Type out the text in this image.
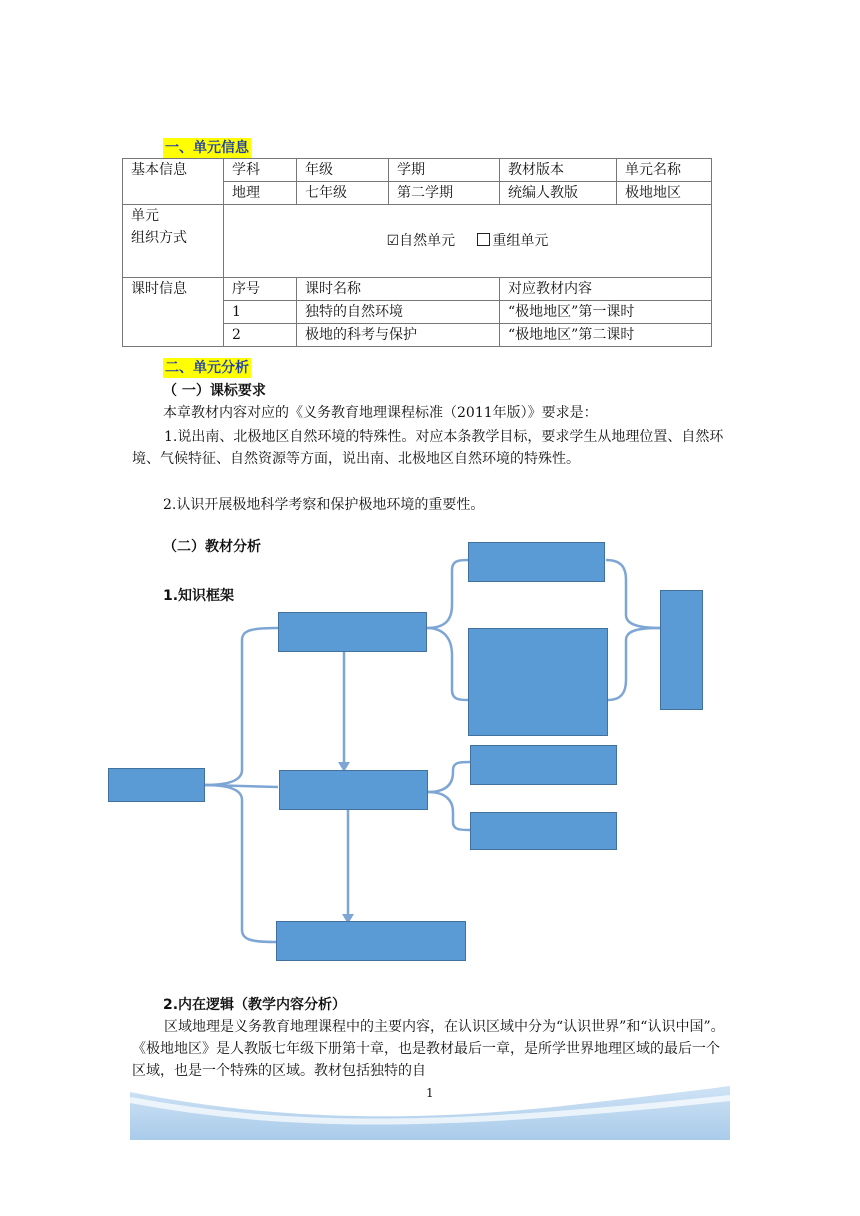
一、单元信息
基本信息	学科	年级	学期	教材版本	单元名称
	地理	七年级	第二学期	统编人教版	极地地区

单元
组织方式	☑自然单元 重组单元				
课时信息	序号	课时名称		对应教材内容	
	1	独特的自然环境		“极地地区”第一课时	
	2	极地的科考与保护		“极地地区”第二课时	
二、单元分析
（ 一）课标要求
本章教材内容对应的《义务教育地理课程标准（2011年版）》要求是：
1.说出南、北极地区自然环境的特殊性。对应本条教学目标，要求学生从地理位置、自然环境、气候特征、自然资源等方面，说出南、北极地区自然环境的特殊性。
2.认识开展极地科学考察和保护极地环境的重要性。
（二）教材分析
1.知识框架
2.内在逻辑（教学内容分析）
区域地理是义务教育地理课程中的主要内容，在认识区域中分为“认识世界”和“认识中国”。《极地地区》是人教版七年级下册第十章，也是教材最后一章，是所学世界地理区域的最后一个区域，也是一个特殊的区域。教材包括独特的自
1
